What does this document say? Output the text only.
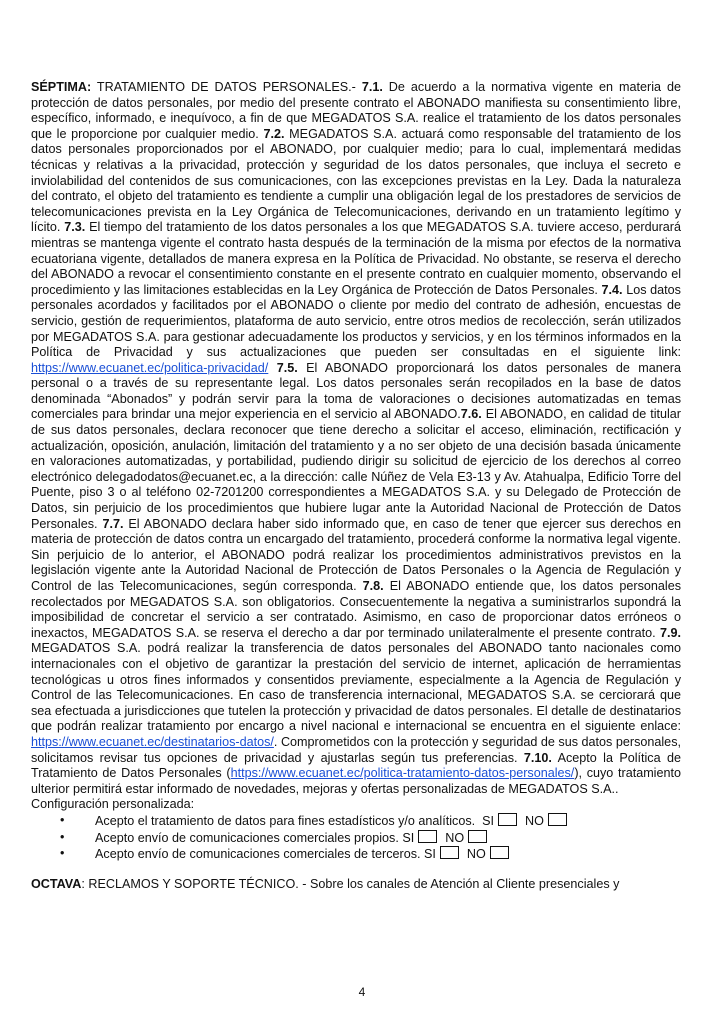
SÉPTIMA: TRATAMIENTO DE DATOS PERSONALES.- 7.1. De acuerdo a la normativa vigente en materia de protección de datos personales, por medio del presente contrato el ABONADO manifiesta su consentimiento libre, específico, informado, e inequívoco, a fin de que MEGADATOS S.A. realice el tratamiento de los datos personales que le proporcione por cualquier medio. 7.2. MEGADATOS S.A. actuará como responsable del tratamiento de los datos personales proporcionados por el ABONADO, por cualquier medio; para lo cual, implementará medidas técnicas y relativas a la privacidad, protección y seguridad de los datos personales, que incluya el secreto e inviolabilidad del contenidos de sus comunicaciones, con las excepciones previstas en la Ley. Dada la naturaleza del contrato, el objeto del tratamiento es tendiente a cumplir una obligación legal de los prestadores de servicios de telecomunicaciones prevista en la Ley Orgánica de Telecomunicaciones, derivando en un tratamiento legítimo y lícito. 7.3. El tiempo del tratamiento de los datos personales a los que MEGADATOS S.A. tuviere acceso, perdurará mientras se mantenga vigente el contrato hasta después de la terminación de la misma por efectos de la normativa ecuatoriana vigente, detallados de manera expresa en la Política de Privacidad. No obstante, se reserva el derecho del ABONADO a revocar el consentimiento constante en el presente contrato en cualquier momento, observando el procedimiento y las limitaciones establecidas en la Ley Orgánica de Protección de Datos Personales. 7.4. Los datos personales acordados y facilitados por el ABONADO o cliente por medio del contrato de adhesión, encuestas de servicio, gestión de requerimientos, plataforma de auto servicio, entre otros medios de recolección, serán utilizados por MEGADATOS S.A. para gestionar adecuadamente los productos y servicios, y en los términos informados en la Política de Privacidad y sus actualizaciones que pueden ser consultadas en el siguiente link: https://www.ecuanet.ec/politica-privacidad/ 7.5. El ABONADO proporcionará los datos personales de manera personal o a través de su representante legal. Los datos personales serán recopilados en la base de datos denominada “Abonados” y podrán servir para la toma de valoraciones o decisiones automatizadas en temas comerciales para brindar una mejor experiencia en el servicio al ABONADO.7.6. El ABONADO, en calidad de titular de sus datos personales, declara reconocer que tiene derecho a solicitar el acceso, eliminación, rectificación y actualización, oposición, anulación, limitación del tratamiento y a no ser objeto de una decisión basada únicamente en valoraciones automatizadas, y portabilidad, pudiendo dirigir su solicitud de ejercicio de los derechos al correo electrónico delegadodatos@ecuanet.ec, a la dirección: calle Núñez de Vela E3-13 y Av. Atahualpa, Edificio Torre del Puente, piso 3 o al teléfono 02-7201200 correspondientes a MEGADATOS S.A. y su Delegado de Protección de Datos, sin perjuicio de los procedimientos que hubiere lugar ante la Autoridad Nacional de Protección de Datos Personales. 7.7. El ABONADO declara haber sido informado que, en caso de tener que ejercer sus derechos en materia de protección de datos contra un encargado del tratamiento, procederá conforme la normativa legal vigente. Sin perjuicio de lo anterior, el ABONADO podrá realizar los procedimientos administrativos previstos en la legislación vigente ante la Autoridad Nacional de Protección de Datos Personales o la Agencia de Regulación y Control de las Telecomunicaciones, según corresponda. 7.8. El ABONADO entiende que, los datos personales recolectados por MEGADATOS S.A. son obligatorios. Consecuentemente la negativa a suministrarlos supondrá la imposibilidad de concretar el servicio a ser contratado. Asimismo, en caso de proporcionar datos erróneos o inexactos, MEGADATOS S.A. se reserva el derecho a dar por terminado unilateralmente el presente contrato. 7.9. MEGADATOS S.A. podrá realizar la transferencia de datos personales del ABONADO tanto nacionales como internacionales con el objetivo de garantizar la prestación del servicio de internet, aplicación de herramientas tecnológicas u otros fines informados y consentidos previamente, especialmente a la Agencia de Regulación y Control de las Telecomunicaciones. En caso de transferencia internacional, MEGADATOS S.A. se cerciorará que sea efectuada a jurisdicciones que tutelen la protección y privacidad de datos personales. El detalle de destinatarios que podrán realizar tratamiento por encargo a nivel nacional e internacional se encuentra en el siguiente enlace: https://www.ecuanet.ec/destinatarios-datos/. Comprometidos con la protección y seguridad de sus datos personales, solicitamos revisar tus opciones de privacidad y ajustarlas según tus preferencias. 7.10. Acepto la Política de Tratamiento de Datos Personales (https://www.ecuanet.ec/politica-tratamiento-datos-personales/), cuyo tratamiento ulterior permitirá estar informado de novedades, mejoras y ofertas personalizadas de MEGADATOS S.A..

Configuración personalizada:

• Acepto el tratamiento de datos para fines estadísticos y/o analíticos. SI NO
• Acepto envío de comunicaciones comerciales propios. SI NO
• Acepto envío de comunicaciones comerciales de terceros. SI NO

OCTAVA: RECLAMOS Y SOPORTE TÉCNICO. - Sobre los canales de Atención al Cliente presenciales y

4
